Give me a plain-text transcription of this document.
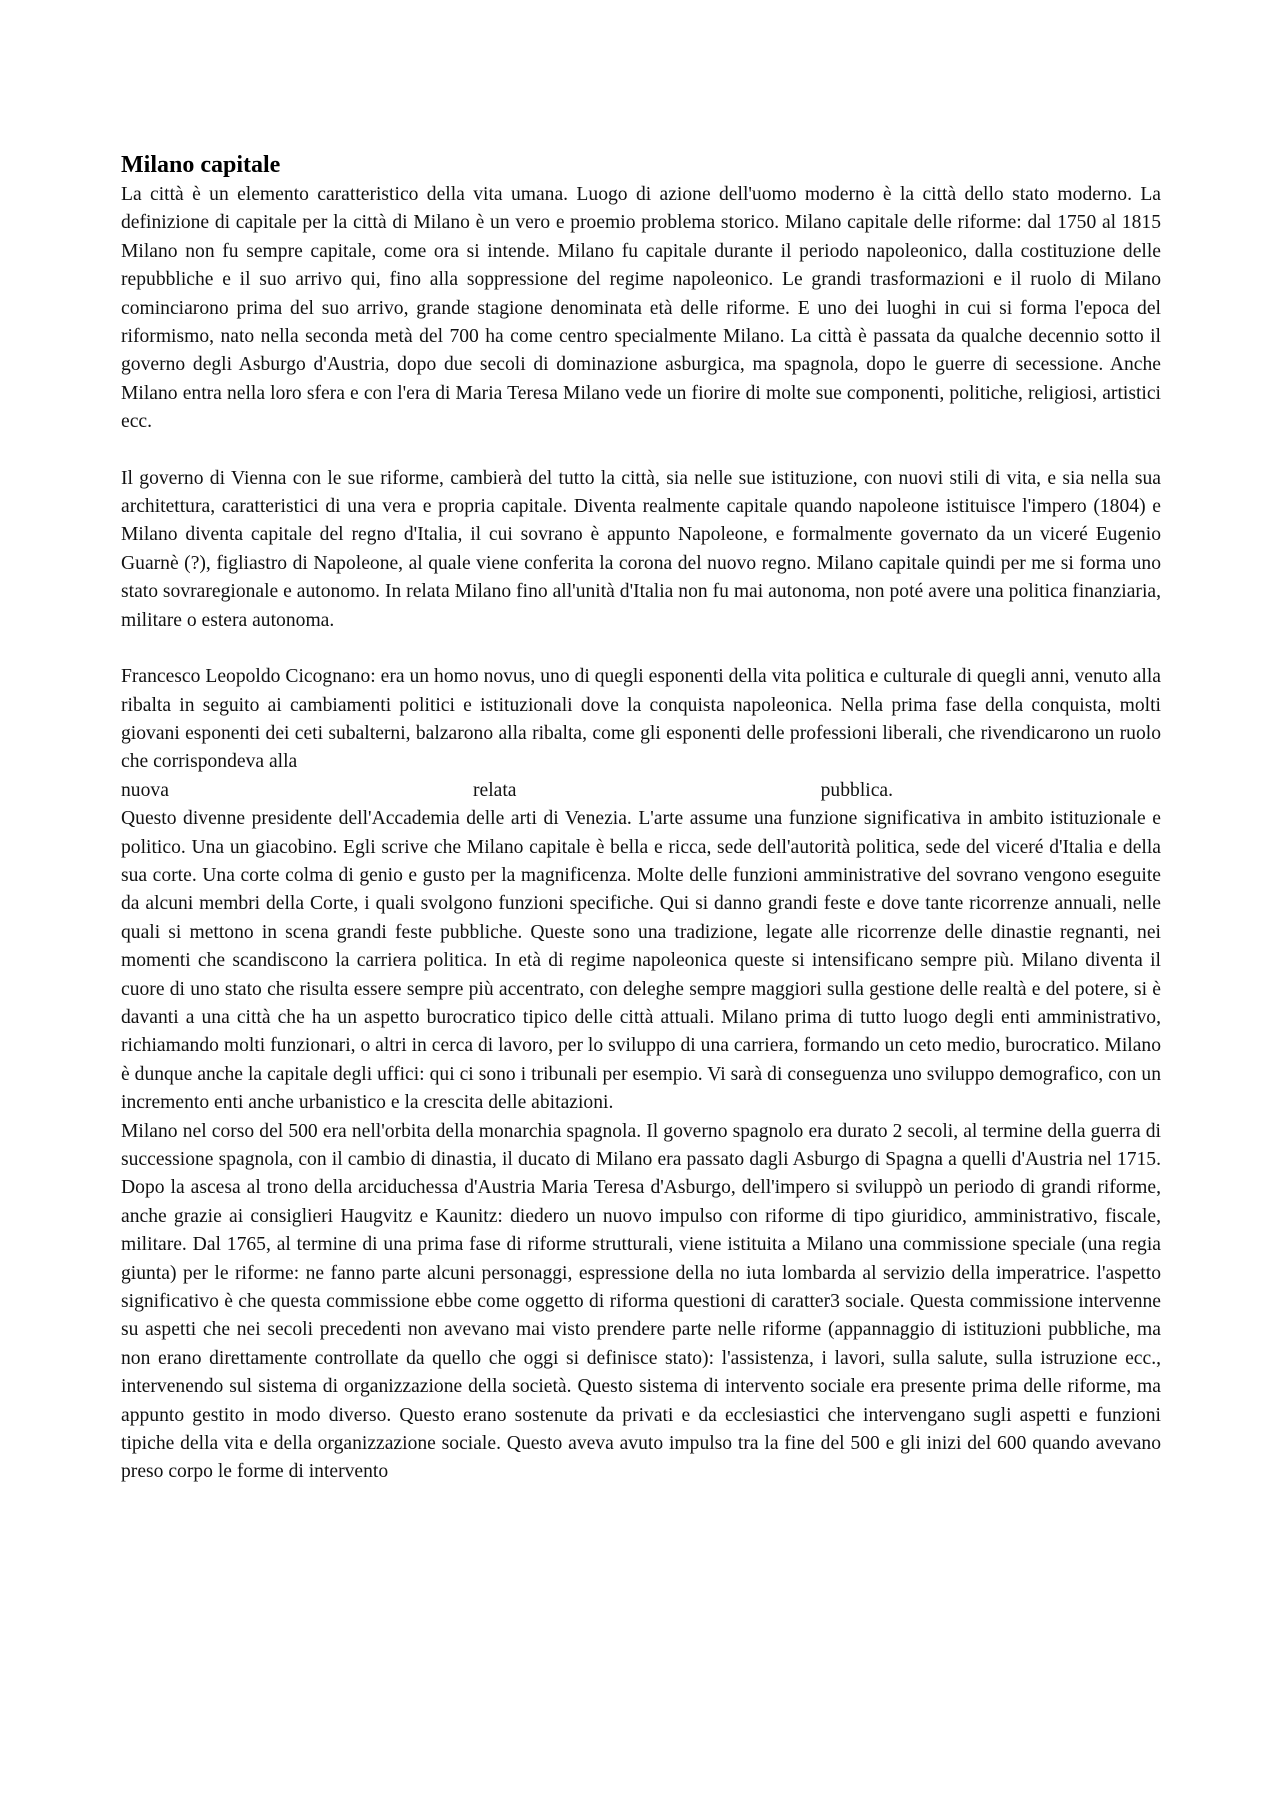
Milano capitale

La città è un elemento caratteristico della vita umana. Luogo di azione dell'uomo moderno è la città dello stato moderno. La definizione di capitale per la città di Milano è un vero e proemio problema storico. Milano capitale delle riforme: dal 1750 al 1815 Milano non fu sempre capitale, come ora si intende. Milano fu capitale durante il periodo napoleonico, dalla costituzione delle repubbliche e il suo arrivo qui, fino alla soppressione del regime napoleonico. Le grandi trasformazioni e il ruolo di Milano cominciarono prima del suo arrivo, grande stagione denominata età delle riforme. E uno dei luoghi in cui si forma l'epoca del riformismo, nato nella seconda metà del 700 ha come centro specialmente Milano. La città è passata da qualche decennio sotto il governo degli Asburgo d'Austria, dopo due secoli di dominazione asburgica, ma spagnola, dopo le guerre di secessione. Anche Milano entra nella loro sfera e con l'era di Maria Teresa Milano vede un fiorire di molte sue componenti, politiche, religiosi, artistici ecc.

Il governo di Vienna con le sue riforme, cambierà del tutto la città, sia nelle sue istituzione, con nuovi stili di vita, e sia nella sua architettura, caratteristici di una vera e propria capitale. Diventa realmente capitale quando napoleone istituisce l'impero (1804) e Milano diventa capitale del regno d'Italia, il cui sovrano è appunto Napoleone, e formalmente governato da un viceré Eugenio Guarnè (?), figliastro di Napoleone, al quale viene conferita la corona del nuovo regno. Milano capitale quindi per me si forma uno stato sovraregionale e autonomo. In relata Milano fino all'unità d'Italia non fu mai autonoma, non poté avere una politica finanziaria, militare o estera autonoma.

Francesco Leopoldo Cicognano: era un homo novus, uno di quegli esponenti della vita politica e culturale di quegli anni, venuto alla ribalta in seguito ai cambiamenti politici e istituzionali dove la conquista napoleonica. Nella prima fase della conquista, molti giovani esponenti dei ceti subalterni, balzarono alla ribalta, come gli esponenti delle professioni liberali, che rivendicarono un ruolo che corrispondeva alla

nuova	relata	pubblica.

Questo divenne presidente dell'Accademia delle arti di Venezia. L'arte assume una funzione significativa in ambito istituzionale e politico. Una un giacobino. Egli scrive che Milano capitale è bella e ricca, sede dell'autorità politica, sede del viceré d'Italia e della sua corte. Una corte colma di genio e gusto per la magnificenza. Molte delle funzioni amministrative del sovrano vengono eseguite da alcuni membri della Corte, i quali svolgono funzioni specifiche. Qui si danno grandi feste e dove tante ricorrenze annuali, nelle quali si mettono in scena grandi feste pubbliche. Queste sono una tradizione, legate alle ricorrenze delle dinastie regnanti, nei momenti che scandiscono la carriera politica. In età di regime napoleonica queste si intensificano sempre più. Milano diventa il cuore di uno stato che risulta essere sempre più accentrato, con deleghe sempre maggiori sulla gestione delle realtà e del potere, si è davanti a una città che ha un aspetto burocratico tipico delle città attuali. Milano prima di tutto luogo degli enti amministrativo, richiamando molti funzionari, o altri in cerca di lavoro, per lo sviluppo di una carriera, formando un ceto medio, burocratico. Milano è dunque anche la capitale degli uffici: qui ci sono i tribunali per esempio. Vi sarà di conseguenza uno sviluppo demografico, con un incremento enti anche urbanistico e la crescita delle abitazioni.

Milano nel corso del 500 era nell'orbita della monarchia spagnola. Il governo spagnolo era durato 2 secoli, al termine della guerra di successione spagnola, con il cambio di dinastia, il ducato di Milano era passato dagli Asburgo di Spagna a quelli d'Austria nel 1715. Dopo la ascesa al trono della arciduchessa d'Austria Maria Teresa d'Asburgo, dell'impero si sviluppò un periodo di grandi riforme, anche grazie ai consiglieri Haugvitz e Kaunitz: diedero un nuovo impulso con riforme di tipo giuridico, amministrativo, fiscale, militare. Dal 1765, al termine di una prima fase di riforme strutturali, viene istituita a Milano una commissione speciale (una regia giunta) per le riforme: ne fanno parte alcuni personaggi, espressione della no iuta lombarda al servizio della imperatrice. l'aspetto significativo è che questa commissione ebbe come oggetto di riforma questioni di caratter3 sociale. Questa commissione intervenne su aspetti che nei secoli precedenti non avevano mai visto prendere parte nelle riforme (appannaggio di istituzioni pubbliche, ma non erano direttamente controllate da quello che oggi si definisce stato): l'assistenza, i lavori, sulla salute, sulla istruzione ecc., intervenendo sul sistema di organizzazione della società. Questo sistema di intervento sociale era presente prima delle riforme, ma appunto gestito in modo diverso. Questo erano sostenute da privati e da ecclesiastici che intervengano sugli aspetti e funzioni tipiche della vita e della organizzazione sociale. Questo aveva avuto impulso tra la fine del 500 e gli inizi del 600 quando avevano preso corpo le forme di intervento
